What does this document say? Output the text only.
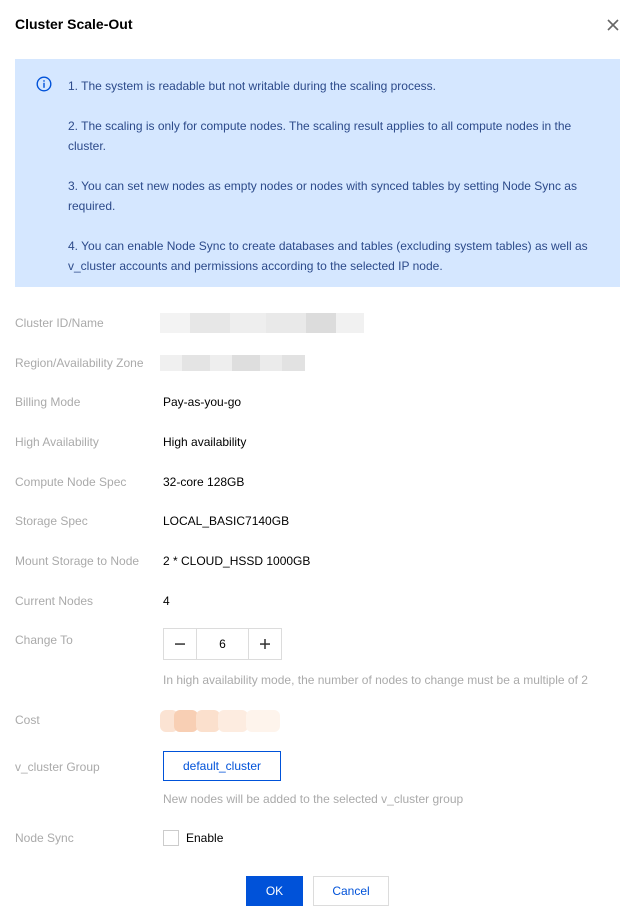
Cluster Scale-Out

1. The system is readable but not writable during the scaling process.

2. The scaling is only for compute nodes. The scaling result applies to all compute nodes in the cluster.

3. You can set new nodes as empty nodes or nodes with synced tables by setting Node Sync as required.

4. You can enable Node Sync to create databases and tables (excluding system tables) as well as v_cluster accounts and permissions according to the selected IP node.

Cluster ID/Name
Region/Availability Zone
Billing Mode	Pay-as-you-go
High Availability	High availability
Compute Node Spec	32-core 128GB
Storage Spec	LOCAL_BASIC7140GB
Mount Storage to Node 2 * CLOUD_HSSD 1000GB
Current Nodes	4
Change To	6
In high availability mode, the number of nodes to change must be a multiple of 2
Cost
v_cluster Group	default_cluster
New nodes will be added to the selected v_cluster group
Node Sync	Enable
OK	Cancel
